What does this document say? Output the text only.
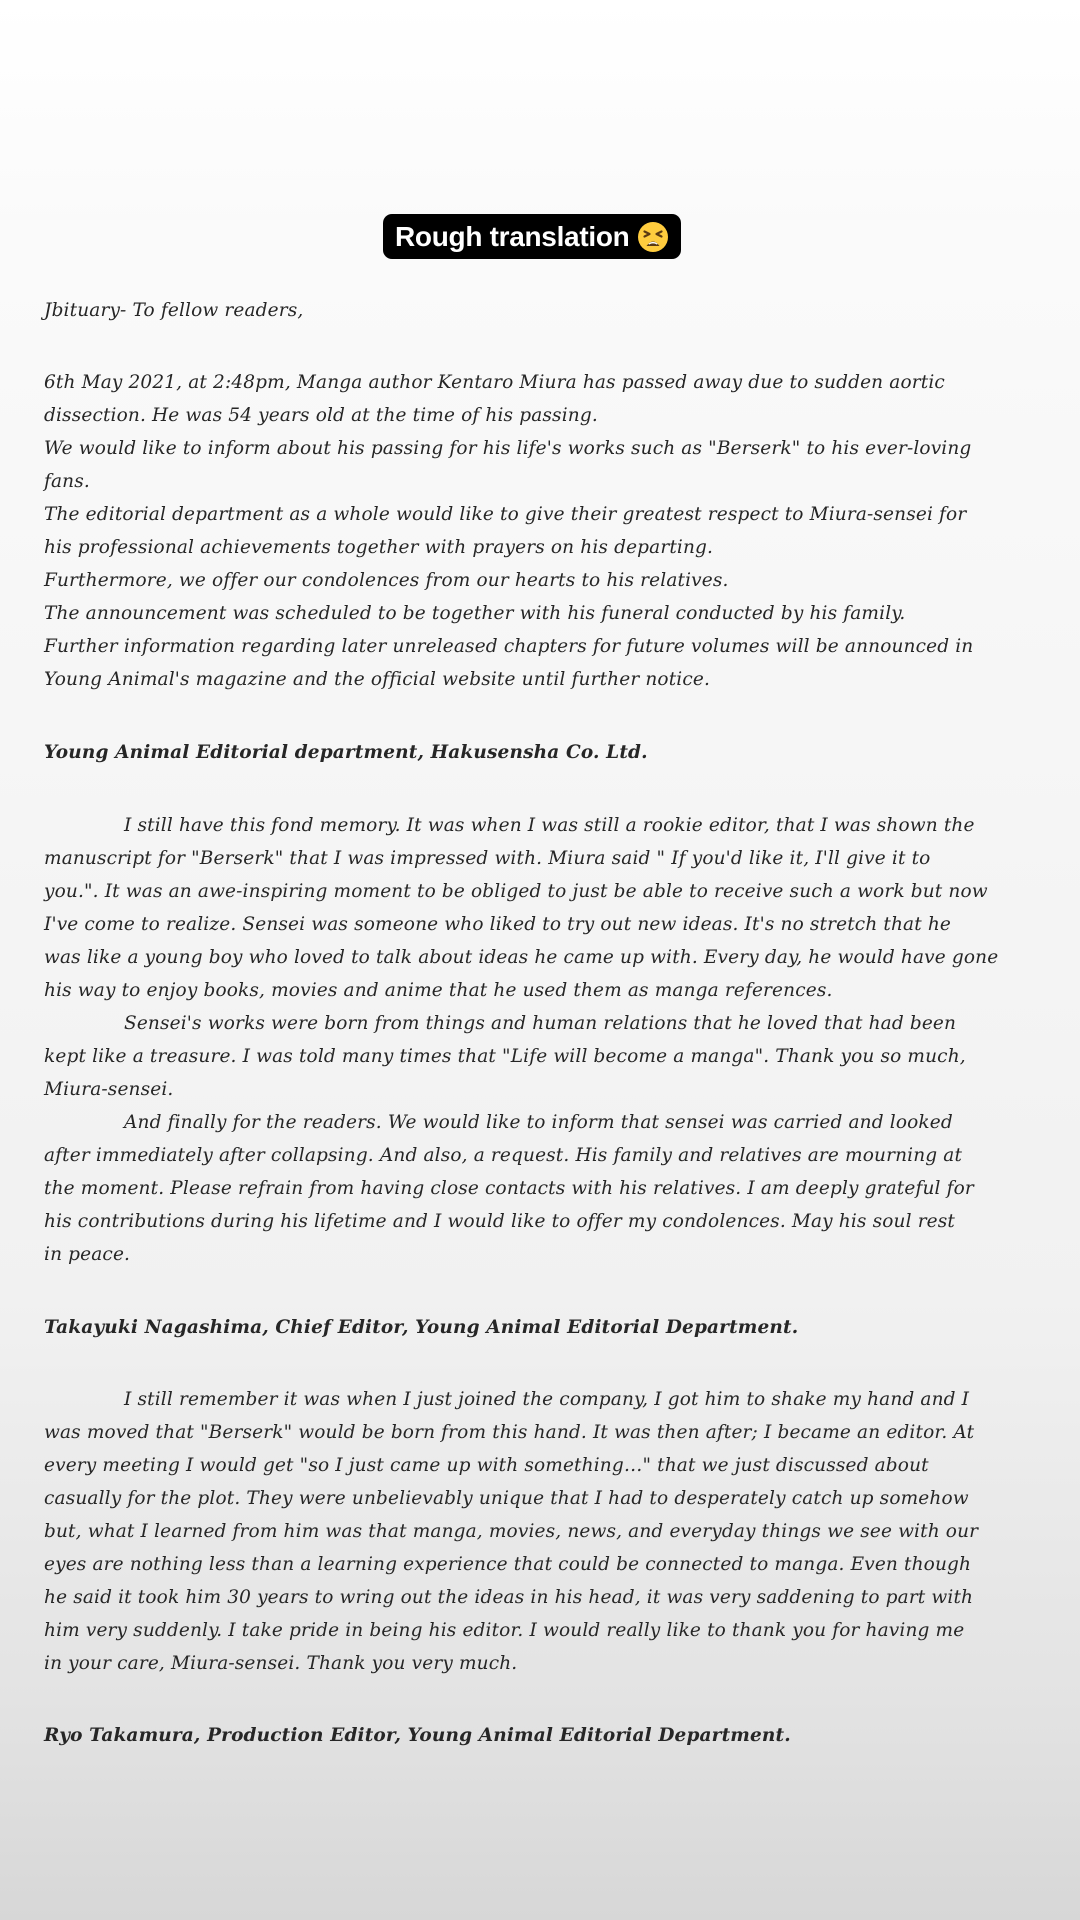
Rough translation
Jbituary- To fellow readers,
6th May 2021, at 2:48pm, Manga author Kentaro Miura has passed away due to sudden aortic
dissection. He was 54 years old at the time of his passing.
We would like to inform about his passing for his life's works such as "Berserk" to his ever-loving
fans.
The editorial department as a whole would like to give their greatest respect to Miura-sensei for
his professional achievements together with prayers on his departing.
Furthermore, we offer our condolences from our hearts to his relatives.
The announcement was scheduled to be together with his funeral conducted by his family.
Further information regarding later unreleased chapters for future volumes will be announced in
Young Animal's magazine and the official website until further notice.
Young Animal Editorial department, Hakusensha Co. Ltd.
I still have this fond memory. It was when I was still a rookie editor, that I was shown the
manuscript for "Berserk" that I was impressed with. Miura said " If you'd like it, I'll give it to
you.". It was an awe-inspiring moment to be obliged to just be able to receive such a work but now
I've come to realize. Sensei was someone who liked to try out new ideas. It's no stretch that he
was like a young boy who loved to talk about ideas he came up with. Every day, he would have gone
his way to enjoy books, movies and anime that he used them as manga references.
Sensei's works were born from things and human relations that he loved that had been
kept like a treasure. I was told many times that "Life will become a manga". Thank you so much,
Miura-sensei.
And finally for the readers. We would like to inform that sensei was carried and looked
after immediately after collapsing. And also, a request. His family and relatives are mourning at
the moment. Please refrain from having close contacts with his relatives. I am deeply grateful for
his contributions during his lifetime and I would like to offer my condolences. May his soul rest
in peace.
Takayuki Nagashima, Chief Editor, Young Animal Editorial Department.
I still remember it was when I just joined the company, I got him to shake my hand and I
was moved that "Berserk" would be born from this hand. It was then after; I became an editor. At
every meeting I would get "so I just came up with something…" that we just discussed about
casually for the plot. They were unbelievably unique that I had to desperately catch up somehow
but, what I learned from him was that manga, movies, news, and everyday things we see with our
eyes are nothing less than a learning experience that could be connected to manga. Even though
he said it took him 30 years to wring out the ideas in his head, it was very saddening to part with
him very suddenly. I take pride in being his editor. I would really like to thank you for having me
in your care, Miura-sensei. Thank you very much.
Ryo Takamura, Production Editor, Young Animal Editorial Department.
